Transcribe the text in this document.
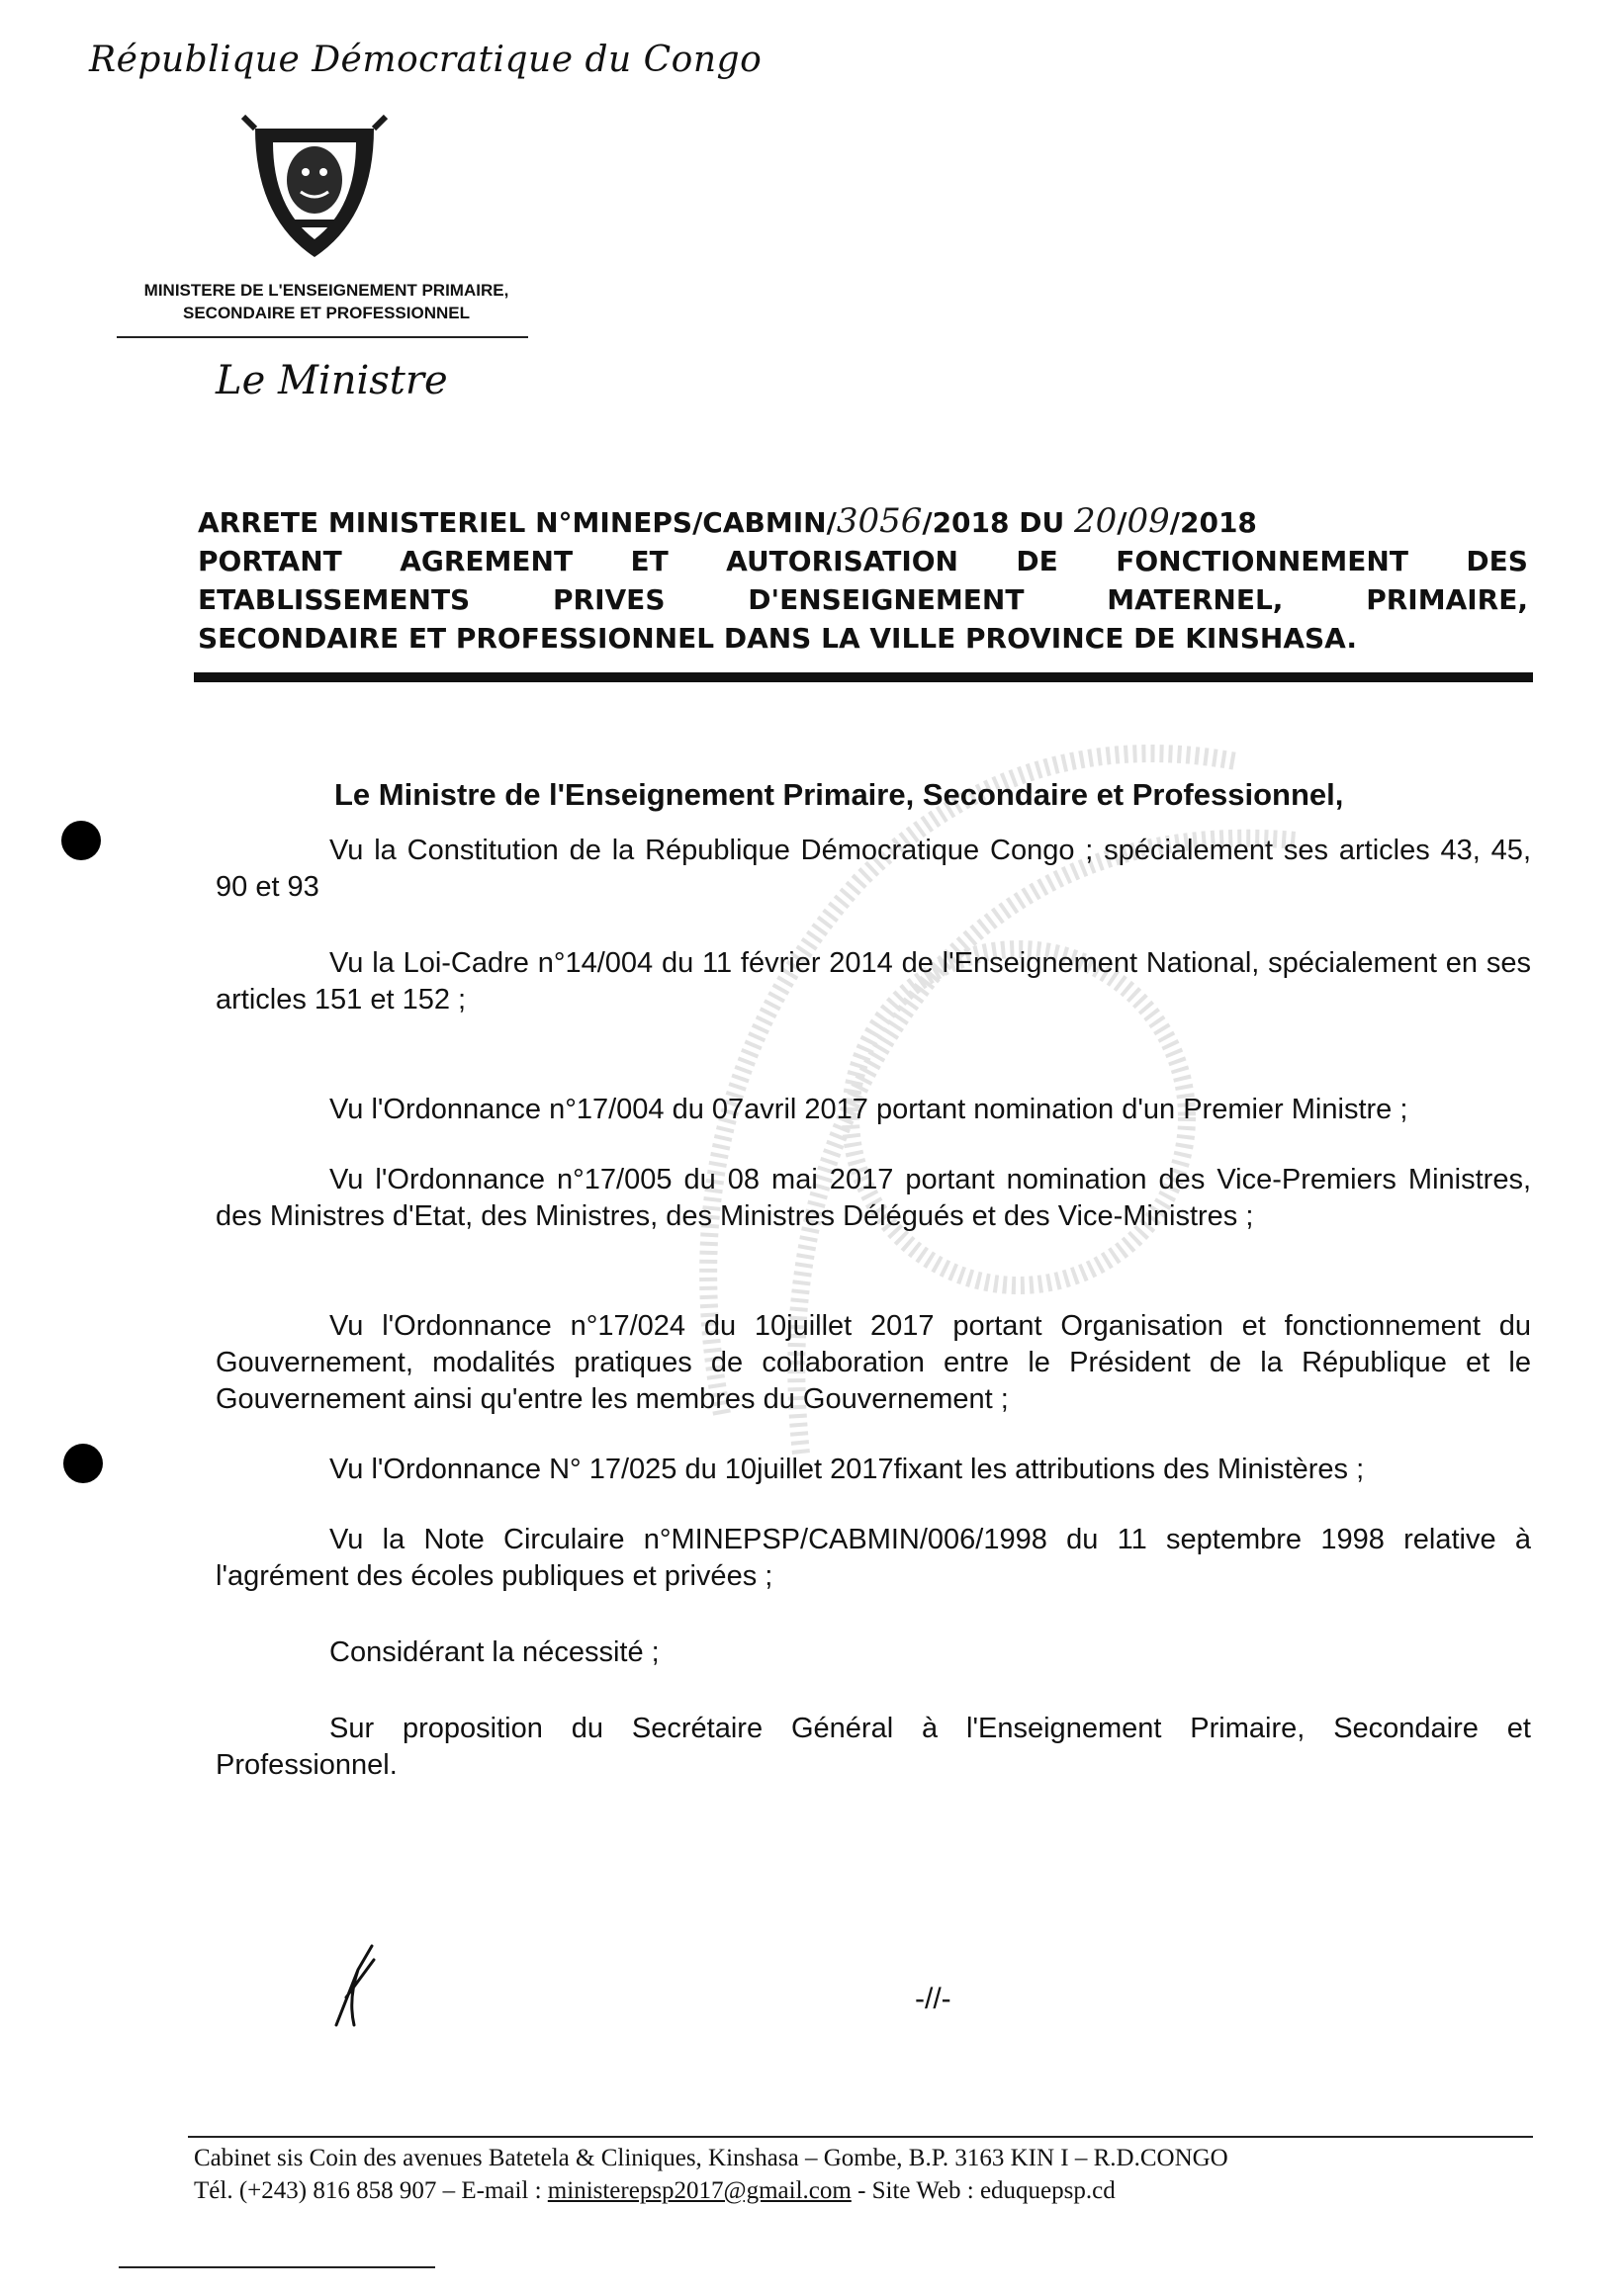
République Démocratique du Congo
MINISTERE DE L'ENSEIGNEMENT PRIMAIRE,
SECONDAIRE ET PROFESSIONNEL
Le Ministre
ARRETE MINISTERIEL N°MINEPS/CABMIN/3056/2018 DU 20/09/2018
PORTANT AGREMENT ET AUTORISATION DE FONCTIONNEMENT DES
ETABLISSEMENTS	PRIVES	D'ENSEIGNEMENT	MATERNEL,	PRIMAIRE,
SECONDAIRE ET PROFESSIONNEL DANS LA VILLE PROVINCE DE KINSHASA.
Le Ministre de l'Enseignement Primaire, Secondaire et Professionnel,

Vu la Constitution de la République Démocratique Congo ; spécialement ses articles 43, 45, 90 et 93

Vu la Loi-Cadre n°14/004 du 11 février 2014 de l'Enseignement National, spécialement en ses articles 151 et 152 ;

Vu l'Ordonnance n°17/004 du 07avril 2017 portant nomination d'un Premier Ministre ;

Vu l'Ordonnance n°17/005 du 08 mai 2017 portant nomination des Vice-Premiers Ministres, des Ministres d'Etat, des Ministres, des Ministres Délégués et des Vice-Ministres ;

Vu l'Ordonnance n°17/024 du 10juillet 2017 portant Organisation et fonctionnement du Gouvernement, modalités pratiques de collaboration entre le Président de la République et le Gouvernement ainsi qu'entre les membres du Gouvernement ;

Vu l'Ordonnance N° 17/025 du 10juillet 2017fixant les attributions des Ministères ;

Vu la Note Circulaire n°MINEPSP/CABMIN/006/1998 du 11 septembre 1998 relative à l'agrément des écoles publiques et privées ;

Considérant la nécessité ;

Sur proposition du Secrétaire Général à l'Enseignement Primaire, Secondaire et Professionnel.

-//-
Cabinet sis Coin des avenues Batetela & Cliniques, Kinshasa – Gombe, B.P. 3163 KIN I – R.D.CONGO
Tél. (+243) 816 858 907 – E-mail : ministerepsp2017@gmail.com - Site Web : eduquepsp.cd
